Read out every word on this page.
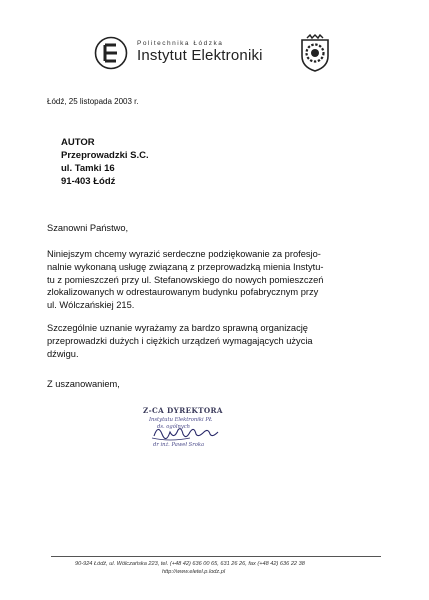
Politechnika Łódzka
Instytut Elektroniki
Łódź, 25 listopada 2003 r.
AUTOR
Przeprowadzki S.C.
ul. Tamki 16
91-403 Łódź
Szanowni Państwo,
Niniejszym chcemy wyrazić serdeczne podziękowanie za profesjo-
nalnie wykonaną usługę związaną z przeprowadzką mienia Instytu-
tu z pomieszczeń przy ul. Stefanowskiego do nowych pomieszczeń
zlokalizowanych w odrestaurowanym budynku pofabrycznym przy
ul. Wólczańskiej 215.
Szczególnie uznanie wyrażamy za bardzo sprawną organizację
przeprowadzki dużych i ciężkich urządzeń wymagających użycia
dźwigu.
Z uszanowaniem,
Z-CA DYREKTORA
Instytutu Elektroniki PŁ
ds. ogólnych
dr inż. Paweł Sroka
90-924 Łódź, ul. Wólczańska 223, tel. (+48 42) 636 00 65, 631 26 26, fax (+48 42) 636 22 38
http://www.eletel.p.lodz.pl
